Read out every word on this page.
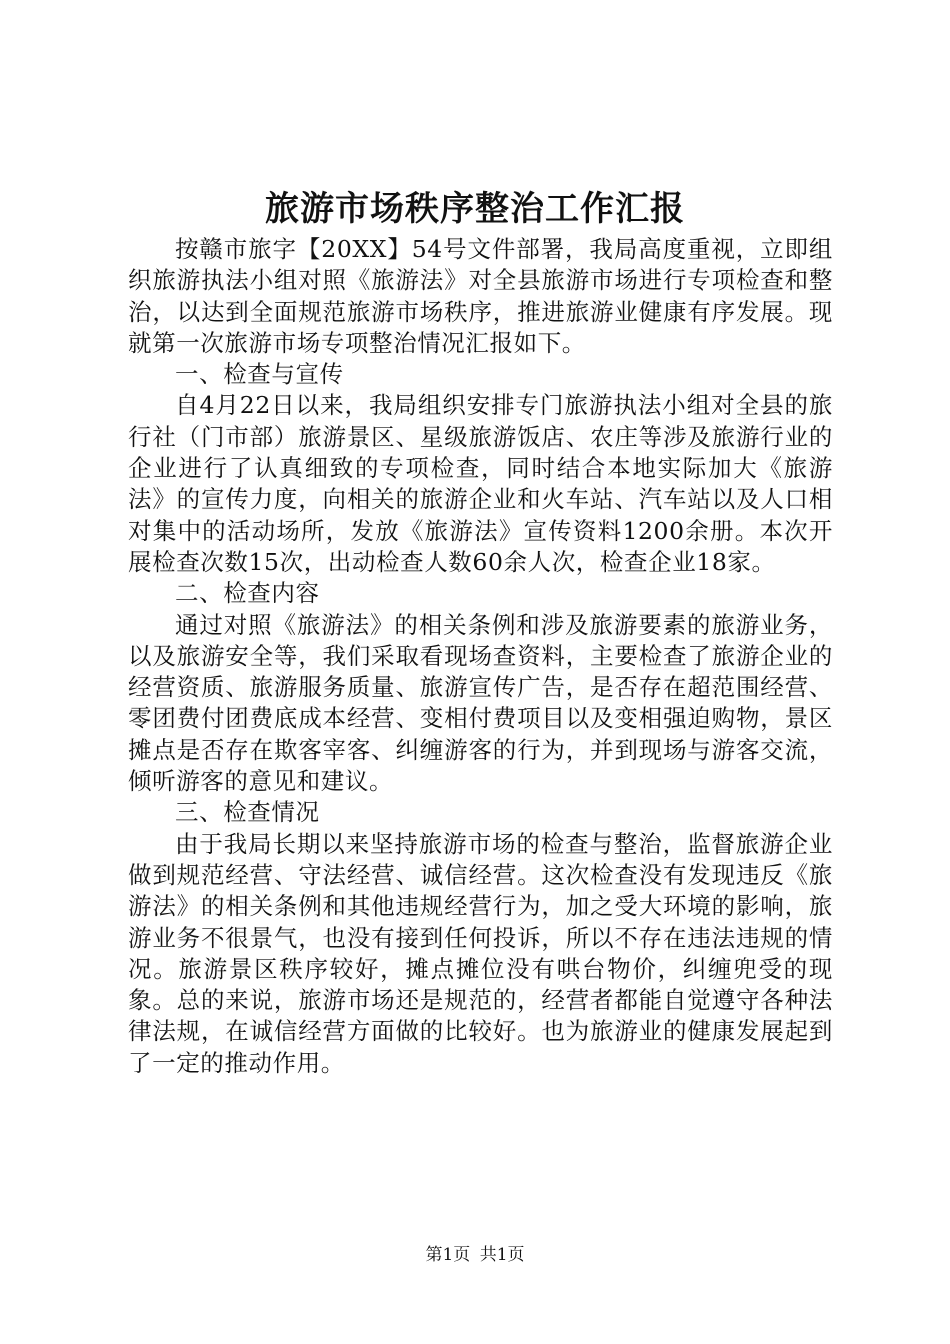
旅游市场秩序整治工作汇报

按赣市旅字【20XX】54号文件部署，我局高度重视，立即组织旅游执法小组对照《旅游法》对全县旅游市场进行专项检查和整治，以达到全面规范旅游市场秩序，推进旅游业健康有序发展。现就第一次旅游市场专项整治情况汇报如下。

一、检查与宣传

自4月22日以来，我局组织安排专门旅游执法小组对全县的旅行社（门市部）旅游景区、星级旅游饭店、农庄等涉及旅游行业的企业进行了认真细致的专项检查，同时结合本地实际加大《旅游法》的宣传力度，向相关的旅游企业和火车站、汽车站以及人口相对集中的活动场所，发放《旅游法》宣传资料1200余册。本次开展检查次数15次，出动检查人数60余人次，检查企业18家。

二、检查内容

通过对照《旅游法》的相关条例和涉及旅游要素的旅游业务，以及旅游安全等，我们采取看现场查资料，主要检查了旅游企业的经营资质、旅游服务质量、旅游宣传广告，是否存在超范围经营、零团费付团费底成本经营、变相付费项目以及变相强迫购物，景区摊点是否存在欺客宰客、纠缠游客的行为，并到现场与游客交流，倾听游客的意见和建议。

三、检查情况

由于我局长期以来坚持旅游市场的检查与整治，监督旅游企业做到规范经营、守法经营、诚信经营。这次检查没有发现违反《旅游法》的相关条例和其他违规经营行为，加之受大环境的影响，旅游业务不很景气，也没有接到任何投诉，所以不存在违法违规的情况。旅游景区秩序较好，摊点摊位没有哄台物价，纠缠兜受的现象。总的来说，旅游市场还是规范的，经营者都能自觉遵守各种法律法规，在诚信经营方面做的比较好。也为旅游业的健康发展起到了一定的推动作用。

第1页 共1页
